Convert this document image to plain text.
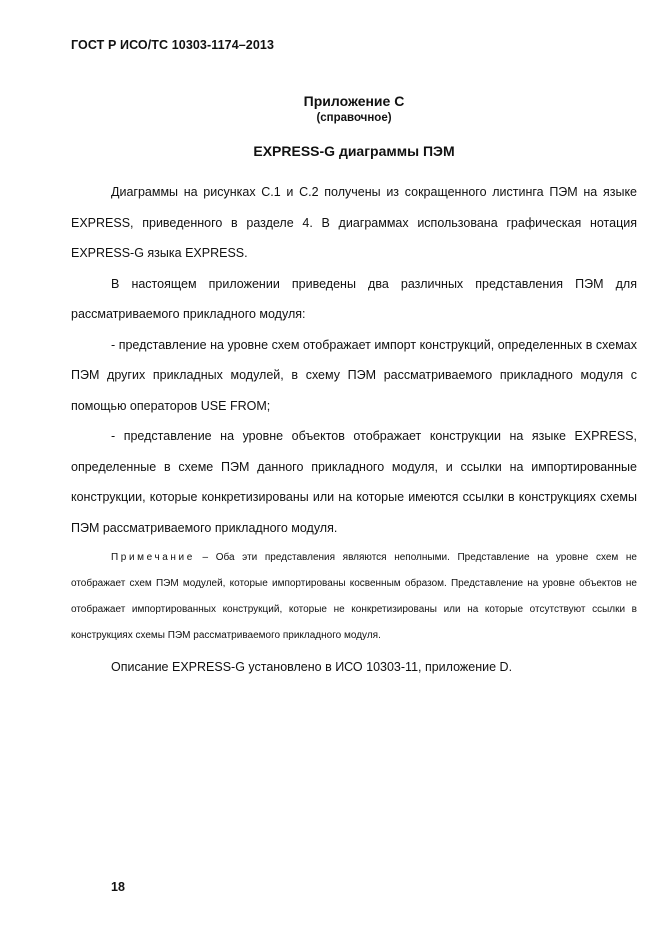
ГОСТ Р ИСО/ТС 10303-1174–2013
Приложение С
(справочное)
EXPRESS-G диаграммы ПЭМ

Диаграммы на рисунках С.1 и С.2 получены из сокращенного листинга ПЭМ на языке EXPRESS, приведенного в разделе 4. В диаграммах использована графическая нотация EXPRESS-G языка EXPRESS.

В настоящем приложении приведены два различных представления ПЭМ для рассматриваемого прикладного модуля:

- представление на уровне схем отображает импорт конструкций, определенных в схемах ПЭМ других прикладных модулей, в схему ПЭМ рассматриваемого прикладного модуля с помощью операторов USE FROM;

- представление на уровне объектов отображает конструкции на языке EXPRESS, определенные в схеме ПЭМ данного прикладного модуля, и ссылки на импортированные конструкции, которые конкретизированы или на которые имеются ссылки в конструкциях схемы ПЭМ рассматриваемого прикладного модуля.

Примечание – Оба эти представления являются неполными. Представление на уровне схем не отображает схем ПЭМ модулей, которые импортированы косвенным образом. Представление на уровне объектов не отображает импортированных конструкций, которые не конкретизированы или на которые отсутствуют ссылки в конструкциях схемы ПЭМ рассматриваемого прикладного модуля.

Описание EXPRESS-G установлено в ИСО 10303-11, приложение D.

18
